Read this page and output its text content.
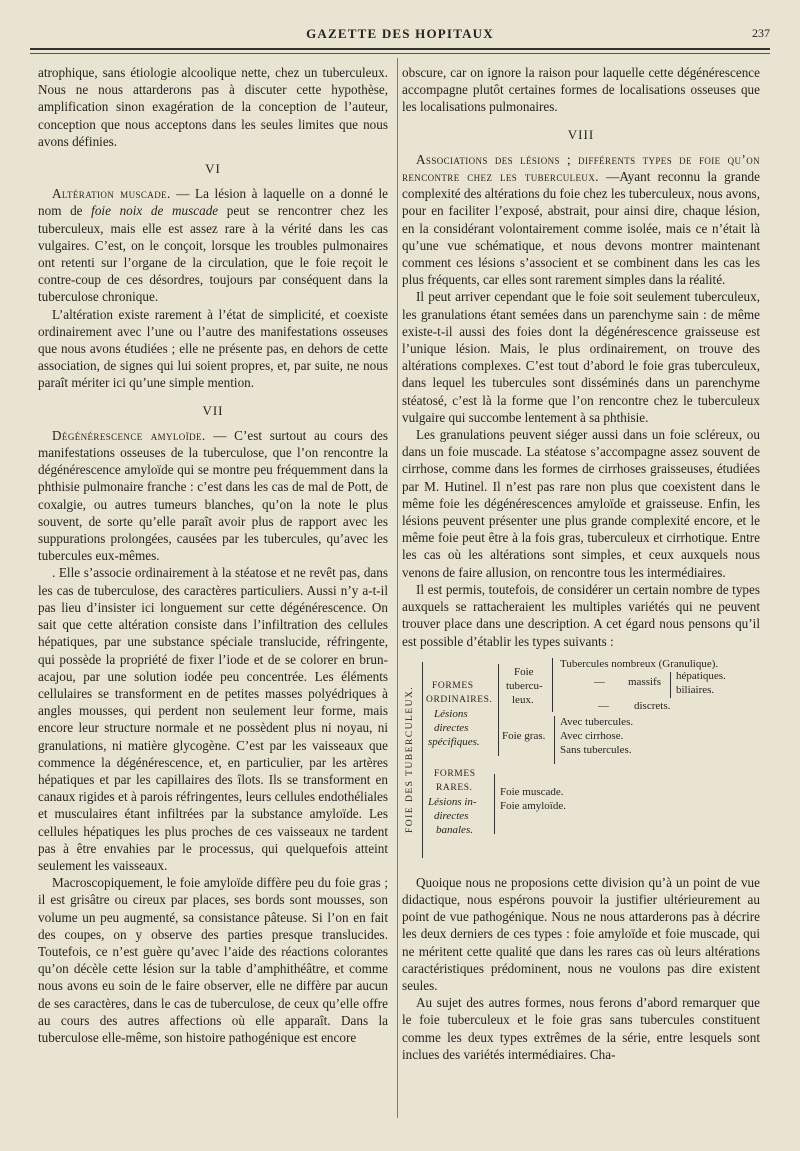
GAZETTE DES HOPITAUX	237

atrophique, sans étiologie alcoolique nette, chez un tuberculeux. Nous ne nous attarderons pas à discuter cette hypothèse, amplification sinon exagération de la conception de l’auteur, conception que nous acceptons dans les seules limites que nous avons définies.

VI

Altération muscade. — La lésion à laquelle on a donné le nom de foie noix de muscade peut se rencontrer chez les tuberculeux, mais elle est assez rare à la vérité dans les cas vulgaires. C’est, on le conçoit, lorsque les troubles pulmonaires ont retenti sur l’organe de la circulation, que le foie reçoit le contre-coup de ces désordres, toujours par conséquent dans la tuberculose chronique.

L’altération existe rarement à l’état de simplicité, et coexiste ordinairement avec l’une ou l’autre des manifestations osseuses que nous avons étudiées ; elle ne présente pas, en dehors de cette association, de signes qui lui soient propres, et, par suite, ne nous paraît mériter ici qu’une simple mention.

VII

Dégénérescence amyloïde. — C’est surtout au cours des manifestations osseuses de la tuberculose, que l’on rencontre la dégénérescence amyloïde qui se montre peu fréquemment dans la phthisie pulmonaire franche : c’est dans les cas de mal de Pott, de coxalgie, ou autres tumeurs blanches, qu’on la note le plus souvent, de sorte qu’elle paraît avoir plus de rapport avec les suppurations prolongées, causées par les tubercules, qu’avec les tubercules eux-mêmes.

. Elle s’associe ordinairement à la stéatose et ne revêt pas, dans les cas de tuberculose, des caractères particuliers. Aussi n’y a-t-il pas lieu d’insister ici longuement sur cette dégénérescence. On sait que cette altération consiste dans l’infiltration des cellules hépatiques, par une substance spéciale translucide, réfringente, qui possède la propriété de fixer l’iode et de se colorer en brun-acajou, par une solution iodée peu concentrée. Les éléments cellulaires se transforment en de petites masses polyédriques à angles mousses, qui perdent non seulement leur forme, mais encore leur structure normale et ne possèdent plus ni noyau, ni granulations, ni matière glycogène. C’est par les vaisseaux que commence la dégénérescence, et, en particulier, par les artères hépatiques et par les capillaires des îlots. Ils se transforment en canaux rigides et à parois réfringentes, leurs cellules endothéliales et musculaires étant infiltrées par la substance amyloïde. Les cellules hépatiques les plus proches de ces vaisseaux ne tardent pas à être envahies par le processus, qui quelquefois atteint seulement les vaisseaux.

Macroscopiquement, le foie amyloïde diffère peu du foie gras ; il est grisâtre ou cireux par places, ses bords sont mousses, son volume un peu augmenté, sa consistance pâteuse. Si l’on en fait des coupes, on y observe des parties presque translucides. Toutefois, ce n’est guère qu’avec l’aide des réactions colorantes qu’on décèle cette lésion sur la table d’amphithéâtre, et comme nous avons eu soin de le faire observer, elle ne diffère par aucun de ses caractères, dans le cas de tuberculose, de ceux qu’elle offre au cours des autres affections où elle apparaît. Dans la tuberculose elle-même, son histoire pathogénique est encore

obscure, car on ignore la raison pour laquelle cette dégénérescence accompagne plutôt certaines formes de localisations osseuses que les localisations pulmonaires.

VIII

Associations des lésions ; différents types de foie qu’on rencontre chez les tuberculeux. —Ayant reconnu la grande complexité des altérations du foie chez les tuberculeux, nous avons, pour en faciliter l’exposé, abstrait, pour ainsi dire, chaque lésion, en la considérant volontairement comme isolée, mais ce n’était là qu’une vue schématique, et nous devons montrer maintenant comment ces lésions s’associent et se combinent dans les cas les plus fréquents, car elles sont rarement simples dans la réalité.

Il peut arriver cependant que le foie soit seulement tuberculeux, les granulations étant semées dans un parenchyme sain : de même existe-t-il aussi des foies dont la dégénérescence graisseuse est l’unique lésion. Mais, le plus ordinairement, on trouve des altérations complexes. C’est tout d’abord le foie gras tuberculeux, dans lequel les tubercules sont disséminés dans un parenchyme stéatosé, c’est là la forme que l’on rencontre chez le tuberculeux vulgaire qui succombe lentement à sa phthisie.

Les granulations peuvent siéger aussi dans un foie scléreux, ou dans un foie muscade. La stéatose s’accompagne assez souvent de cirrhose, comme dans les formes de cirrhoses graisseuses, étudiées par M. Hutinel. Il n’est pas rare non plus que coexistent dans le même foie les dégénérescences amyloïde et graisseuse. Enfin, les lésions peuvent présenter une plus grande complexité encore, et le même foie peut être à la fois gras, tuberculeux et cirrhotique. Entre les cas où les altérations sont simples, et ceux auxquels nous venons de faire allusion, on rencontre tous les intermédiaires.

Il est permis, toutefois, de considérer un certain nombre de types auxquels se rattacheraient les multiples variétés qui ne peuvent trouver place dans une description. A cet égard nous pensons qu’il est possible d’établir les types suivants :

FOIE DES TUBERCULEUX.	FORMES
ORDINAIRES.
Lésions
directes
spécifiques.
Foie
tubercu-
leux.
Tubercules nombreux (Granulique).
— massifs hépatiques.
biliaires.
— discrets.
Foie gras.
Avec tubercules.
Avec cirrhose.
Sans tubercules.
FORMES
RARES.
Lésions in-
directes
banales.
Foie muscade.
Foie amyloïde.

Quoique nous ne proposions cette division qu’à un point de vue didactique, nous espérons pouvoir la justifier ultérieurement au point de vue pathogénique. Nous ne nous attarderons pas à décrire les deux derniers de ces types : foie amyloïde et foie muscade, qui ne méritent cette qualité que dans les rares cas où leurs altérations caractéristiques prédominent, nous ne voulons pas dire existent seules.

Au sujet des autres formes, nous ferons d’abord remarquer que le foie tuberculeux et le foie gras sans tubercules constituent comme les deux types extrêmes de la série, entre lesquels sont inclues des variétés intermédiaires. Cha-
